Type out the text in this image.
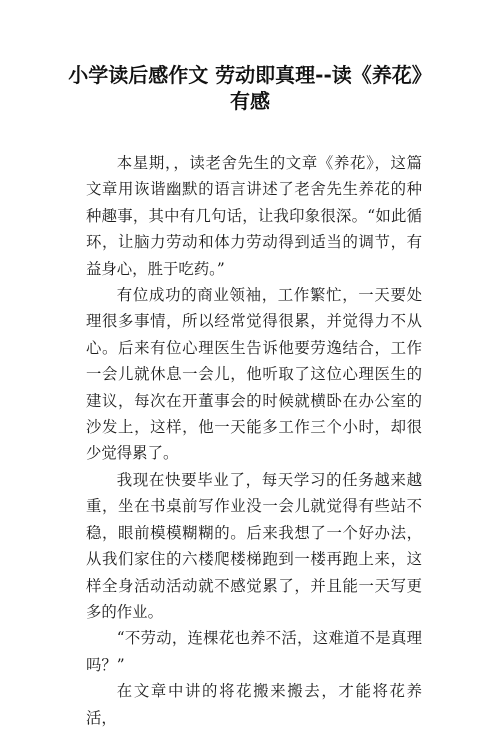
小学读后感作文 劳动即真理--读《养花》有感

本星期，，读老舍先生的文章《养花》，这篇文章用诙谐幽默的语言讲述了老舍先生养花的种种趣事，其中有几句话，让我印象很深。“如此循环，让脑力劳动和体力劳动得到适当的调节，有益身心，胜于吃药。”

有位成功的商业领袖，工作繁忙，一天要处理很多事情，所以经常觉得很累，并觉得力不从心。后来有位心理医生告诉他要劳逸结合，工作一会儿就休息一会儿，他听取了这位心理医生的建议，每次在开董事会的时候就横卧在办公室的沙发上，这样，他一天能多工作三个小时，却很少觉得累了。

我现在快要毕业了，每天学习的任务越来越重，坐在书桌前写作业没一会儿就觉得有些站不稳，眼前模模糊糊的。后来我想了一个好办法，从我们家住的六楼爬楼梯跑到一楼再跑上来，这样全身活动活动就不感觉累了，并且能一天写更多的作业。

“不劳动，连棵花也养不活，这难道不是真理吗？”

在文章中讲的将花搬来搬去，才能将花养活，
